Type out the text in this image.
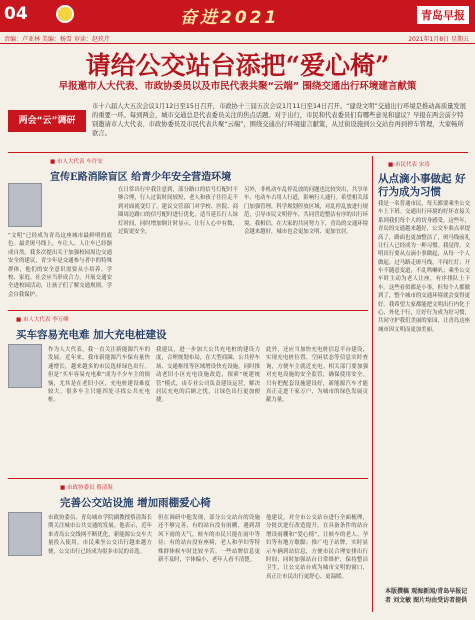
04	奋进2021	青岛早报
责编：卢亚林 美编：杨雪 审读：赵玖芹	2021年1月8日 星期五
请给公交站台添把“爱心椅”
早报邀市人大代表、市政协委员以及市民代表共聚“云端” 围绕交通出行环境建言献策
两会“云”调研
市十六届人大五次会议1月12日至15日召开，市政协十三届五次会议1月11日至14日召开。“建设文明”交通出行环境是推动高质量发展的重要一环。每到两会，城市交通总是代表委员关注的焦点话题。对于出行，市民和代表委员们有哪些意见和建议？早报在两会前夕特别邀请市人大代表、市政协委员及市民代表共聚“云端”，围绕交通出行环境建言献策，从过街设施到公交站台再到停车管理，大家畅所欲言。
■ 市人大代表 车许安
宣传E路消除盲区 给青少年安全营造环境
“文明”已经成为青岛这座城市最鲜明的底色。最美斑马线上，车让人、人让车已经渐成自然。我多次提出关于加强校园周边交通安全的建议，青少年是交通参与者中的特殊群体，他们的安全意识需要从小培养。学校、家庭、社会应当形成合力，开展交通安全进校园活动，让孩子们了解交通规则，学会自我保护。
在日常出行中我注意到，部分路口的信号灯配时不够合理，行人过街时间较短，老人和孩子往往走不到对面就变灯了。建议交管部门对学校、医院、商圈周边路口的信号配时进行优化，适当延长行人绿灯时间，同时增加倒计时显示，让行人心中有数，过街更安全。
另外，非机动车乱停乱放的问题也比较突出，共享单车、电动车占用人行道，影响行人通行。希望相关部门加强管理，科学规划停放区域，对乱停乱放进行规范，引导市民文明停车，共同营造整洁有序的出行环境。我相信，在大家的共同努力下，青岛的交通环境会越来越好，城市也会更加文明、更加宜居。
■ 市人大代表 李万峰
买车容易充电难 加大充电桩建设
作为人大代表，我一直关注新能源汽车的发展。近年来，我市新能源汽车保有量快速增长，越来越多的市民选择绿色出行。但是“买车容易充电难”成为不少车主的烦恼，尤其是在老旧小区，充电桩建设难度较大，很多车主只能四处寻找公共充电桩。
我建议，进一步加大公共充电桩的建设力度，合理规划布局，在大型商圈、公共停车场、交通枢纽等区域增设快充设施。同时推动老旧小区充电设施改造，探索“统建统管”模式，由专业公司负责建设运营，解决居民充电的后顾之忧，让绿色出行更加便捷。
此外，还应当加快充电桩信息平台建设，实现充电桩位置、空闲状态等信息实时查询，方便车主就近充电。相关部门要加强对充电设施的安全监管，确保使用安全。只有把配套设施建设好，新能源汽车才能真正走进千家万户，为城市的绿色发展贡献力量。
■ 市政协委员 蔡清海
完善公交站设施 增加雨棚爱心椅
市政协委员、青岛城市学院副教授蔡清海长期关注城市公共交通的发展。他表示，近年来青岛公交线网不断优化，新能源公交车大量投入使用，市民乘坐公交出行越来越方便，公交出行已经成为很多市民的首选。
但在调研中他发现，部分公交站台的设施还不够完善，有的站台没有雨棚，遇到刮风下雨的天气，候车的市民只能在雨中等待；有的站台没有座椅，老人和孕妇等特殊群体候车时比较辛苦。一些站牌信息更新不及时，字体偏小，老年人看不清楚。
他建议，对全市公交站台进行全面梳理，分批次进行改造提升，在具备条件的站台增设雨棚和“爱心椅”，让候车的老人、孕妇等有地方歇脚；推广电子站牌，实时显示车辆到站信息，方便市民合理安排出行时间；同时加强站台日常维护，保持整洁卫生，让公交站台成为城市文明的窗口，真正让市民出行更舒心、更温暖。
■ 市民代表 宋涛
从点滴小事做起 好行为成为习惯
我是一名普通市民，每天都要乘坐公交车上下班。交通出行环境的好坏直接关系到我们每个人的切身感受。这些年，青岛的交通越来越好，公交车准点率提高了，路面也更加整洁了，斑马线前礼让行人已经成为一种习惯。我觉得，文明出行要从点滴小事做起，从每一个人做起。过马路走斑马线，不闯红灯；开车不随意变道，不乱鸣喇叭；乘坐公交车时主动为老人让座，有序排队上下车。这些看似都是小事，但每个人都做到了，整个城市的交通环境就会变得更好。我希望大家都能把文明出行内化于心、外化于行，让好行为成为好习惯，共同守护我们美丽的家园，让青岛这座城市因文明而更加美丽。
本版撰稿 观海新闻/青岛早报记者 刘文敏 图片均由受访者提供
